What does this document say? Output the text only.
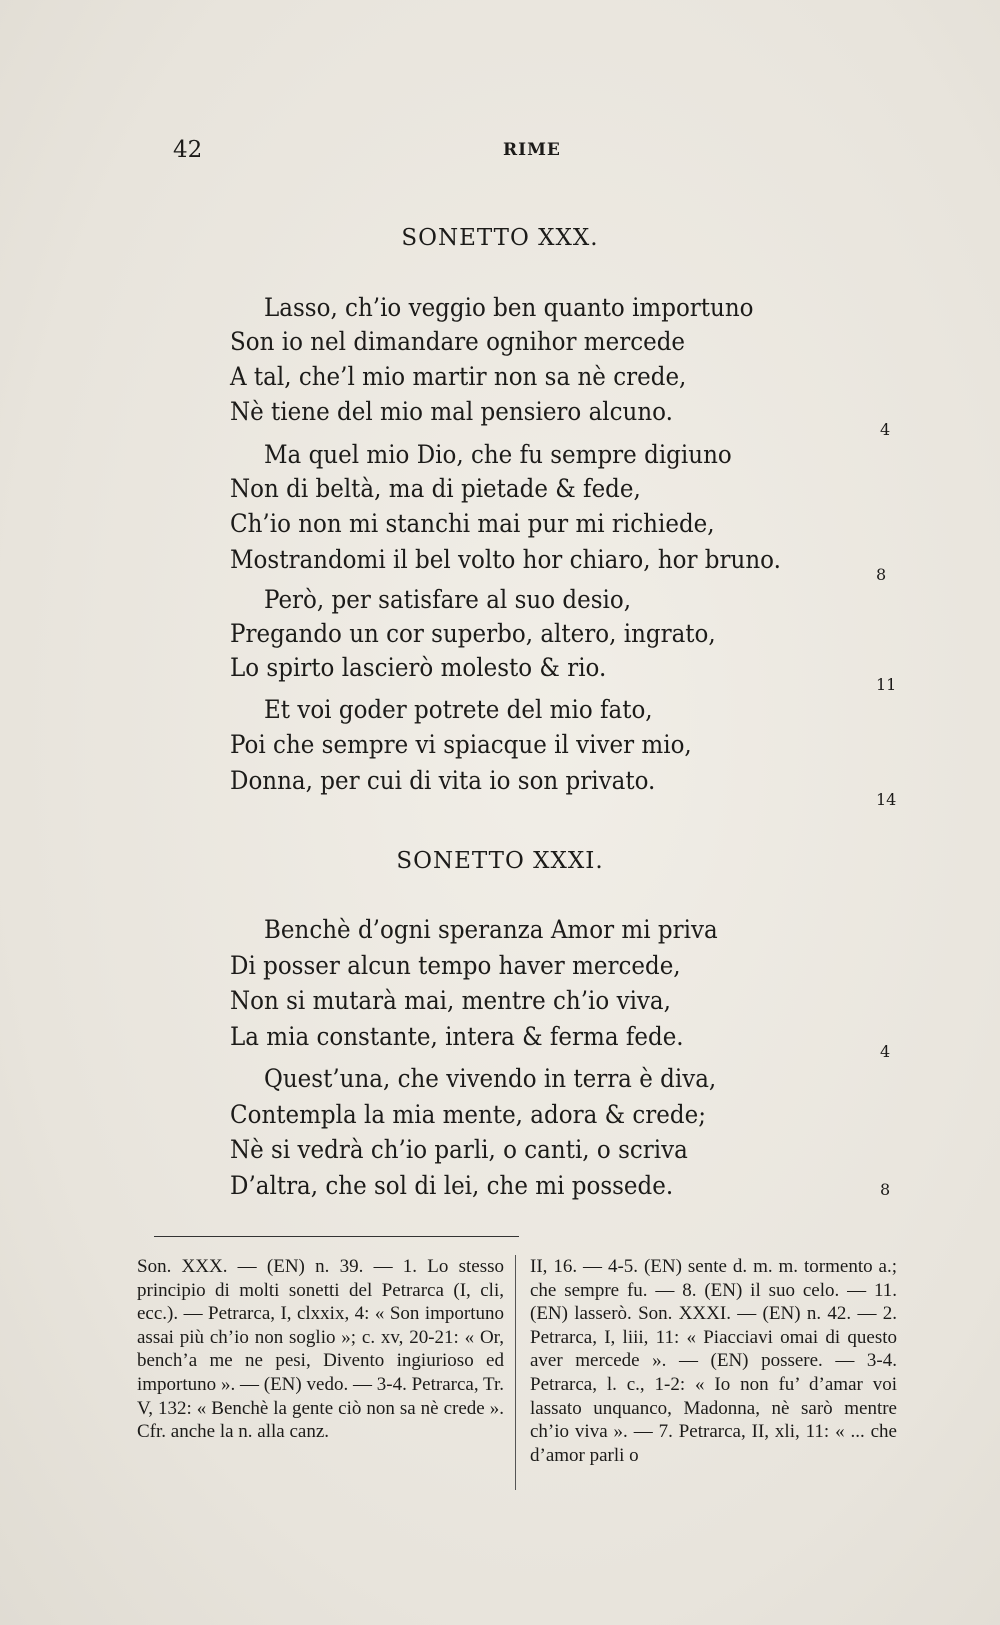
42	RIME
SONETTO XXX.
Lasso, ch’io veggio ben quanto importuno
Son io nel dimandare ognihor mercede
A tal, che’l mio martir non sa nè crede,
Nè tiene del mio mal pensiero alcuno.
Ma quel mio Dio, che fu sempre digiuno
Non di beltà, ma di pietade & fede,
Ch’io non mi stanchi mai pur mi richiede,
Mostrandomi il bel volto hor chiaro, hor bruno.
Però, per satisfare al suo desio,
Pregando un cor superbo, altero, ingrato,
Lo spirto lascierò molesto & rio.
Et voi goder potrete del mio fato,
Poi che sempre vi spiacque il viver mio,
Donna, per cui di vita io son privato.
4
8
11
14
SONETTO XXXI.
Benchè d’ogni speranza Amor mi priva
Di posser alcun tempo haver mercede,
Non si mutarà mai, mentre ch’io viva,
La mia constante, intera & ferma fede.
Quest’una, che vivendo in terra è diva,
Contempla la mia mente, adora & crede;
Nè si vedrà ch’io parli, o canti, o scriva
D’altra, che sol di lei, che mi possede.
4
8

Son. XXX. — (EN) n. 39. — 1. Lo stesso principio di molti sonetti del Petrarca (I, cli, ecc.). — Petrarca, I, clxxix, 4: « Son importuno assai più ch’io non soglio »; c. xv, 20-21: « Or, bench’a me ne pesi, Divento ingiurioso ed importuno ». — (EN) vedo. — 3-4. Petrarca, Tr. V, 132: « Benchè la gente ciò non sa nè crede ». Cfr. anche la n. alla canz.

II, 16. — 4-5. (EN) sente d. m. m. tormento a.; che sempre fu. — 8. (EN) il suo celo. — 11. (EN) lasserò. Son. XXXI. — (EN) n. 42. — 2. Petrarca, I, liii, 11: « Piacciavi omai di questo aver mercede ». — (EN) possere. — 3-4. Petrarca, l. c., 1-2: « Io non fu’ d’amar voi lassato unquanco, Madonna, nè sarò mentre ch’io viva ». — 7. Petrarca, II, xli, 11: « ... che d’amor parli o
